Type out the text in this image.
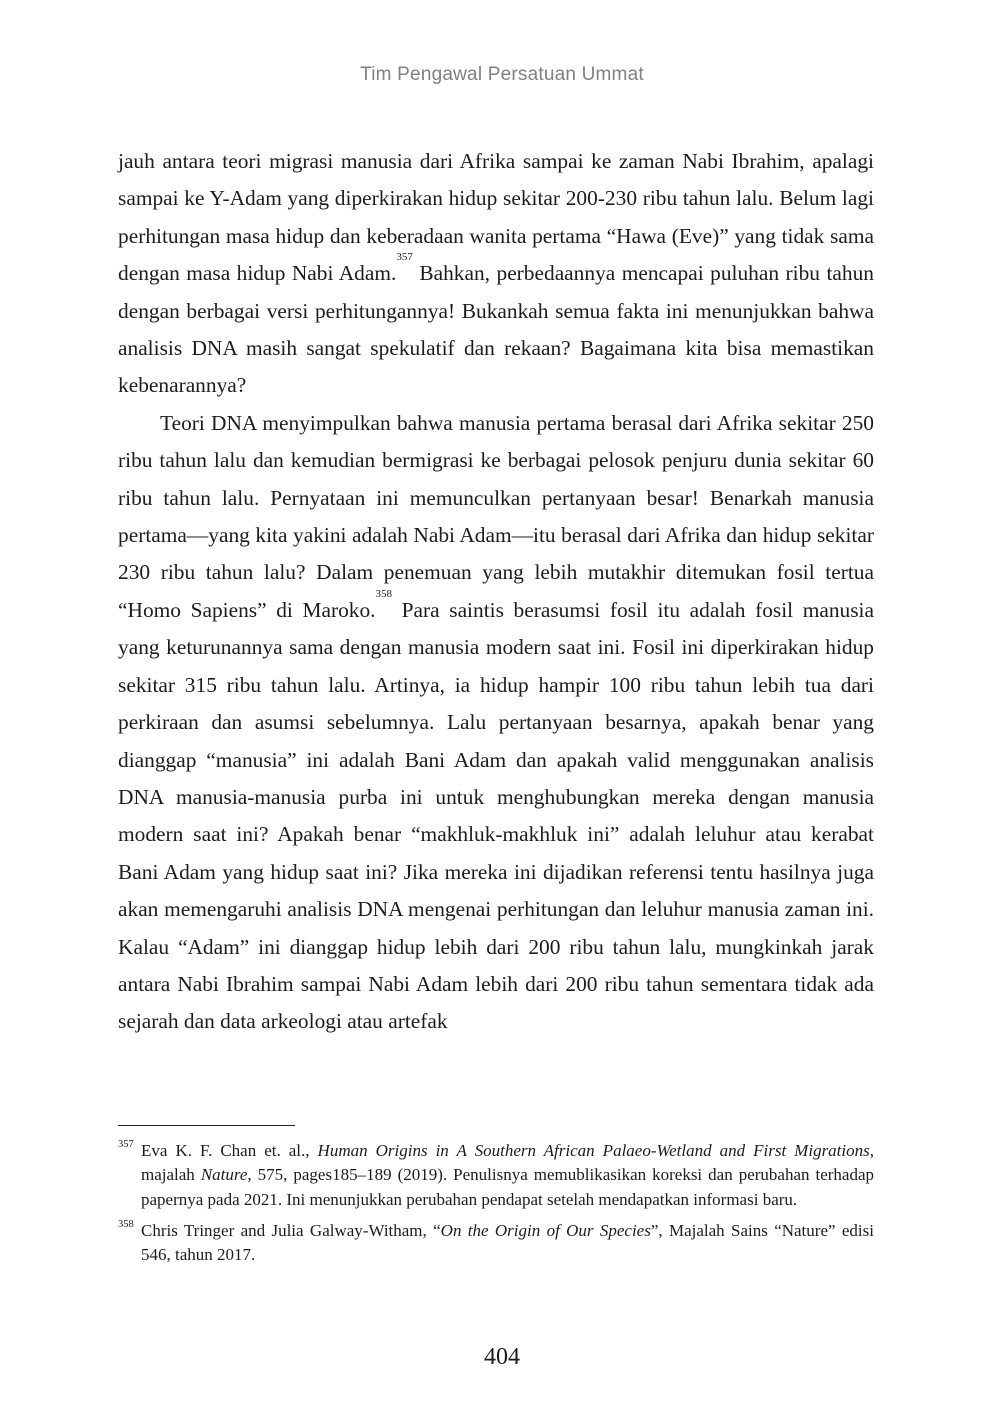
Tim Pengawal Persatuan Ummat

jauh antara teori migrasi manusia dari Afrika sampai ke zaman Nabi Ibrahim, apalagi sampai ke Y-Adam yang diperkirakan hidup sekitar 200-230 ribu tahun lalu. Belum lagi perhitungan masa hidup dan keberadaan wanita pertama “Hawa (Eve)” yang tidak sama dengan masa hidup Nabi Adam.$^{357}$ Bahkan, perbedaannya mencapai puluhan ribu tahun dengan berbagai versi perhitungannya! Bukankah semua fakta ini menunjukkan bahwa analisis DNA masih sangat spekulatif dan rekaan? Bagaimana kita bisa memastikan kebenarannya?

Teori DNA menyimpulkan bahwa manusia pertama berasal dari Afrika sekitar 250 ribu tahun lalu dan kemudian bermigrasi ke berbagai pelosok penjuru dunia sekitar 60 ribu tahun lalu. Pernyataan ini memunculkan pertanyaan besar! Benarkah manusia pertama—yang kita yakini adalah Nabi Adam—itu berasal dari Afrika dan hidup sekitar 230 ribu tahun lalu? Dalam penemuan yang lebih mutakhir ditemukan fosil tertua “Homo Sapiens” di Maroko.$^{358}$ Para saintis berasumsi fosil itu adalah fosil manusia yang keturunannya sama dengan manusia modern saat ini. Fosil ini diperkirakan hidup sekitar 315 ribu tahun lalu. Artinya, ia hidup hampir 100 ribu tahun lebih tua dari perkiraan dan asumsi sebelumnya. Lalu pertanyaan besarnya, apakah benar yang dianggap “manusia” ini adalah Bani Adam dan apakah valid menggunakan analisis DNA manusia-manusia purba ini untuk menghubungkan mereka dengan manusia modern saat ini? Apakah benar “makhluk-makhluk ini” adalah leluhur atau kerabat Bani Adam yang hidup saat ini? Jika mereka ini dijadikan referensi tentu hasilnya juga akan memengaruhi analisis DNA mengenai perhitungan dan leluhur manusia zaman ini. Kalau “Adam” ini dianggap hidup lebih dari 200 ribu tahun lalu, mungkinkah jarak antara Nabi Ibrahim sampai Nabi Adam lebih dari 200 ribu tahun sementara tidak ada sejarah dan data arkeologi atau artefak

357 Eva K. F. Chan et. al., Human Origins in A Southern African Palaeo-Wetland and First Migrations, majalah Nature, 575, pages185–189 (2019). Penulisnya memublikasikan koreksi dan perubahan terhadap papernya pada 2021. Ini menunjukkan perubahan pendapat setelah mendapatkan informasi baru.
358 Chris Tringer and Julia Galway-Witham, “On the Origin of Our Species”, Majalah Sains “Nature” edisi 546, tahun 2017.
404
